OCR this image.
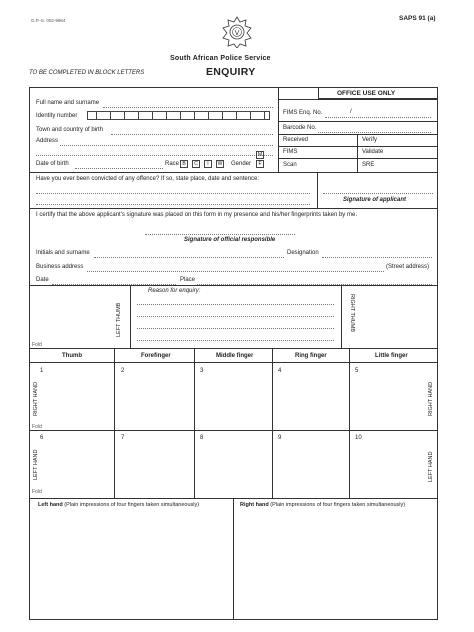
G.P.-S. 002-9964	SAPS 91 (a)
South African Police Service
TO BE COMPLETED IN BLOCK LETTERS	ENQUIRY
Full name and surname
Identity number
Town and country of birth
Address
Date of birth	Race B	C	I	W Gender
M
F
OFFICE USE ONLY
FIMS Enq. No.	/
Barcode No.
Received	Verify
FIMS	Validate
Scan	SRE
Have you ever been convicted of any offence? If so, state place, date and sentence:
Signature of applicant
I certify that the above applicant's signature was placed on this form in my presence and his/her fingerprints taken by me.
Signature of official responsible
Initials and surname	Designation
Business address	(Street address)
Date	Place
LEFT THUMB	RIGHT THUMB
Reason for enquiry:
Fold
Thumb	Forefinger	Middle finger	Ring finger	Little finger
1	2	3	4	5
RIGHT HAND	RIGHT HAND
Fold
6	7	8	9	10
LEFT HAND	LEFT HAND
Fold
Left hand (Plain impressions of four fingers taken simultaneously)	Right hand (Plain impressions of four fingers taken simultaneously)
